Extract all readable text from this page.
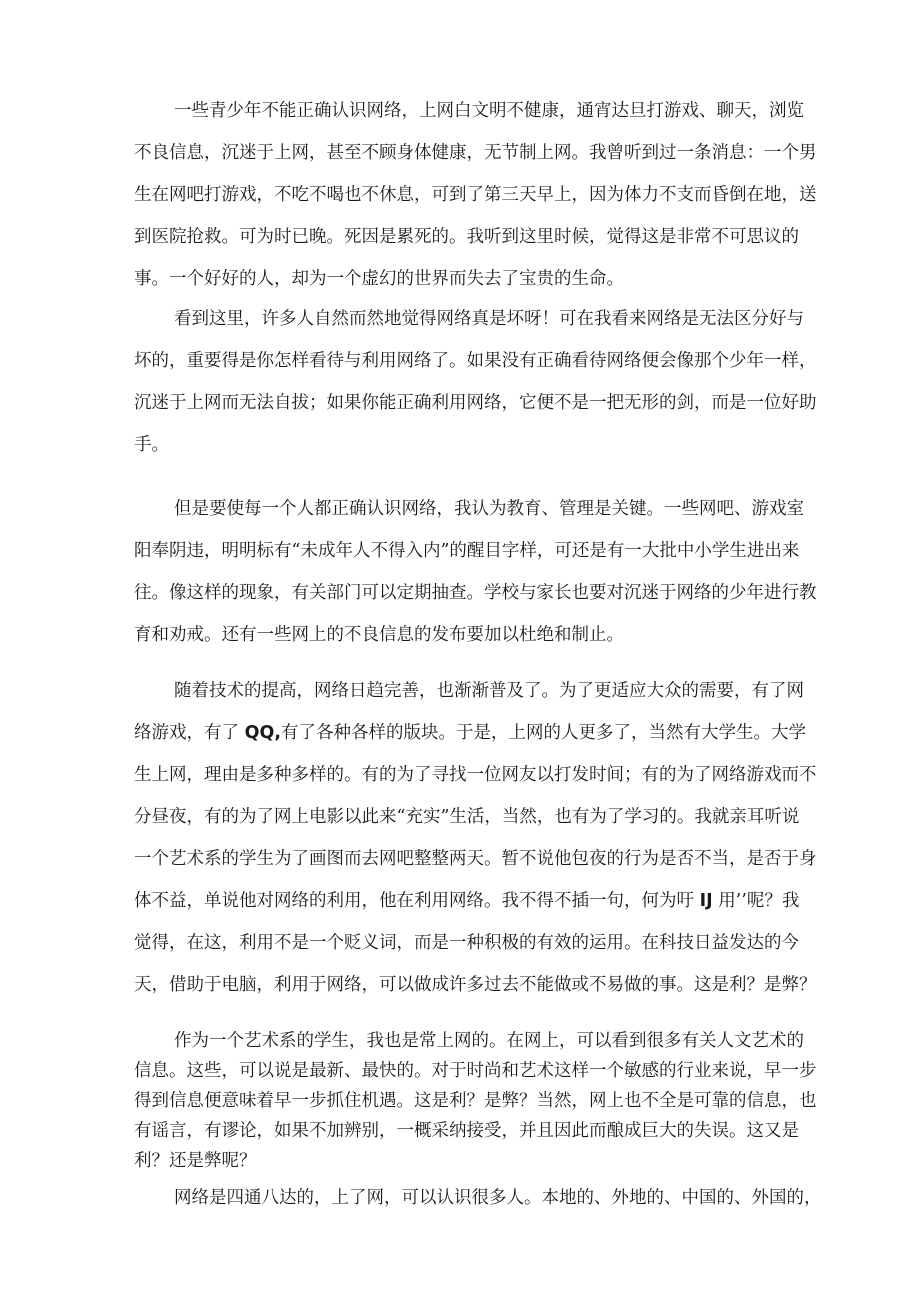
一些青少年不能正确认识网络，上网白文明不健康，通宵达旦打游戏、聊天，浏览
不良信息，沉迷于上网，甚至不顾身体健康，无节制上网。我曾听到过一条消息：一个男
生在网吧打游戏，不吃不喝也不休息，可到了第三天早上，因为体力不支而昏倒在地，送
到医院抢救。可为时已晚。死因是累死的。我听到这里时候，觉得这是非常不可思议的
事。一个好好的人，却为一个虚幻的世界而失去了宝贵的生命。
看到这里，许多人自然而然地觉得网络真是坏呀！可在我看来网络是无法区分好与
坏的，重要得是你怎样看待与利用网络了。如果没有正确看待网络便会像那个少年一样，
沉迷于上网而无法自拔；如果你能正确利用网络，它便不是一把无形的剑，而是一位好助
手。
但是要使每一个人都正确认识网络，我认为教育、管理是关键。一些网吧、游戏室
阳奉阴违，明明标有“未成年人不得入内”的醒目字样，可还是有一大批中小学生进出来
往。像这样的现象，有关部门可以定期抽查。学校与家长也要对沉迷于网络的少年进行教
育和劝戒。还有一些网上的不良信息的发布要加以杜绝和制止。
随着技术的提高，网络日趋完善，也渐渐普及了。为了更适应大众的需要，有了网
络游戏，有了 QQ,有了各种各样的版块。于是，上网的人更多了，当然有大学生。大学
生上网，理由是多种多样的。有的为了寻找一位网友以打发时间；有的为了网络游戏而不
分昼夜，有的为了网上电影以此来“充实”生活，当然，也有为了学习的。我就亲耳听说
一个艺术系的学生为了画图而去网吧整整两天。暂不说他包夜的行为是否不当，是否于身
体不益，单说他对网络的利用，他在利用网络。我不得不插一句，何为吁 IJ 用’’呢？我
觉得，在这，利用不是一个贬义词，而是一种积极的有效的运用。在科技日益发达的今
天，借助于电脑，利用于网络，可以做成许多过去不能做或不易做的事。这是利？是弊？
作为一个艺术系的学生，我也是常上网的。在网上，可以看到很多有关人文艺术的
信息。这些，可以说是最新、最快的。对于时尚和艺术这样一个敏感的行业来说，早一步
得到信息便意味着早一步抓住机遇。这是利？是弊？当然，网上也不全是可靠的信息，也
有谣言，有谬论，如果不加辨别，一概采纳接受，并且因此而酿成巨大的失误。这又是
利？还是弊呢？
网络是四通八达的，上了网，可以认识很多人。本地的、外地的、中国的、外国的，
